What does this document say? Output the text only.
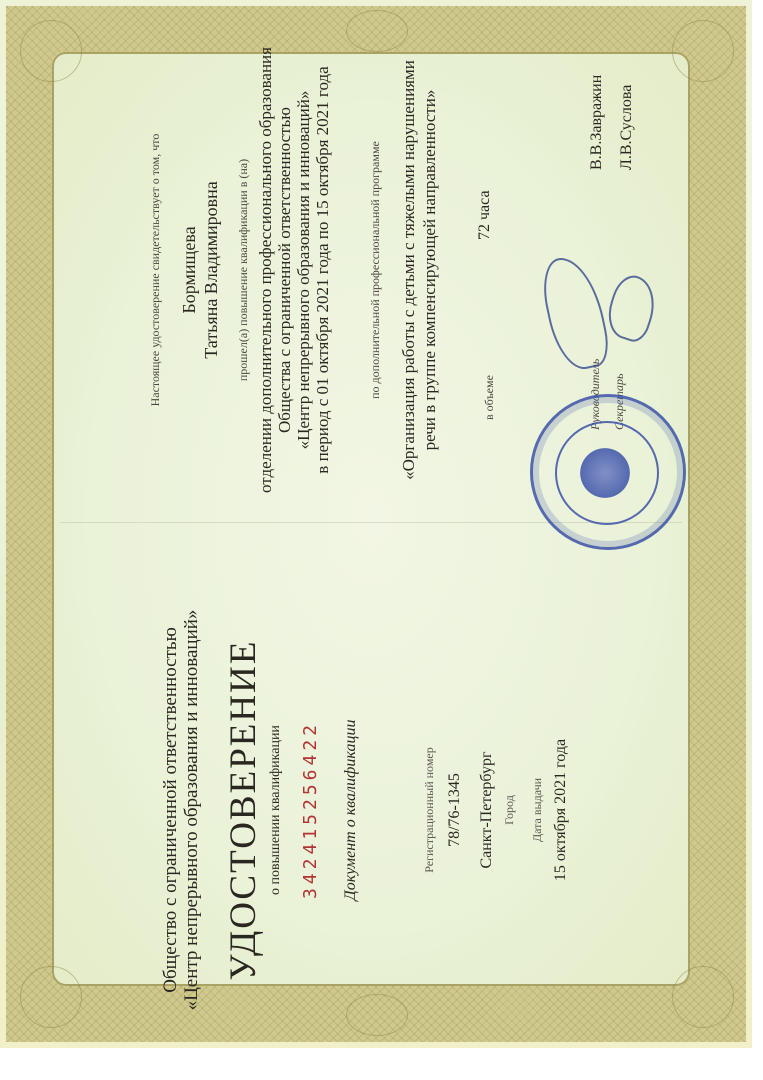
Общество с ограниченной ответственностью «Центр непрерывного образования и инноваций» УДОСТОВЕРЕНИЕ о повышении квалификации 342415256422 Документ о квалификации	Регистрационный номер 78/76-1345 Санкт-Петербург Город Дата выдачи 15 октября 2021 года
Настоящее удостоверение свидетельствует о том, что Бормищева Татьяна Владимировна прошел(а) повышение квалификации в (на) отделении дополнительного профессионального образования Общества с ограниченной ответственностью «Центр непрерывного образования и инноваций» в период с 01 октября 2021 года по 15 октября 2021 года	по дополнительной профессиональной программе «Организация работы с детьми с тяжелыми нарушениями речи в группе компенсирующей направленности»	в объеме
72 часа
Руководитель
В.В.Завражин
Секретарь
Л.В.Суслова
